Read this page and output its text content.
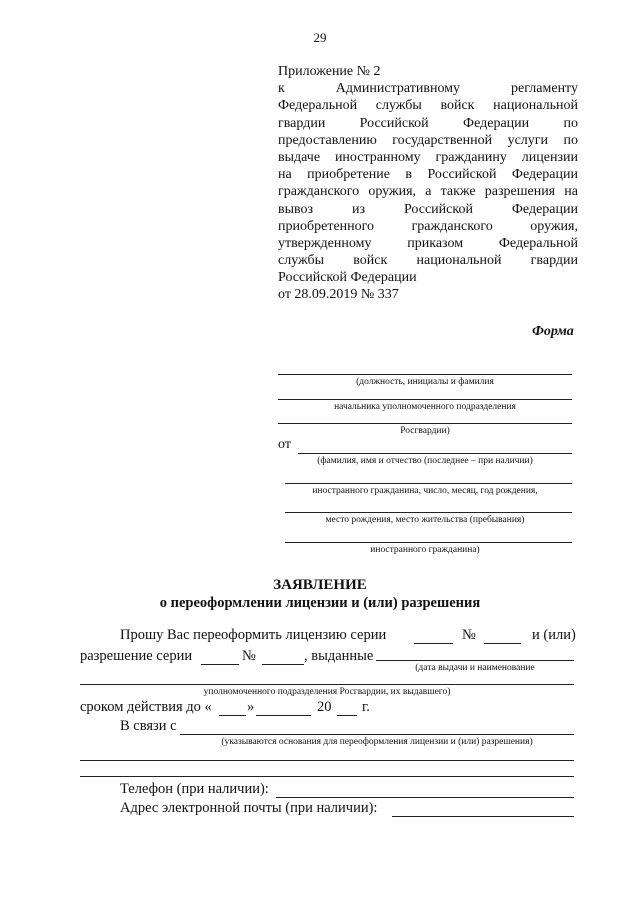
29
Приложение № 2
к Административному регламенту
Федеральной службы войск национальной
гвардии Российской Федерации по
предоставлению государственной услуги по
выдаче иностранному гражданину лицензии
на приобретение в Российской Федерации
гражданского оружия, а также разрешения на
вывоз из Российской Федерации
приобретенного гражданского оружия,
утвержденному приказом Федеральной
службы войск национальной гвардии
Российской Федерации
от 28.09.2019 № 337
Форма
(должность, инициалы и фамилия
начальника уполномоченного подразделения
Росгвардии)
от
(фамилия, имя и отчество (последнее – при наличии)
иностранного гражданина, число, месяц, год рождения,
место рождения, место жительства (пребывания)
иностранного гражданина)
ЗАЯВЛЕНИЕ
о переоформлении лицензии и (или) разрешения
Прошу Вас переоформить лицензию серии	№	и (или)
разрешение серии	№	, выданные
(дата выдачи и наименование
уполномоченного подразделения Росгвардии, их выдавшего)
сроком действия до « »	20 г.
В связи с
(указываются основания для переоформления лицензии и (или) разрешения)
Телефон (при наличии):
Адрес электронной почты (при наличии):
